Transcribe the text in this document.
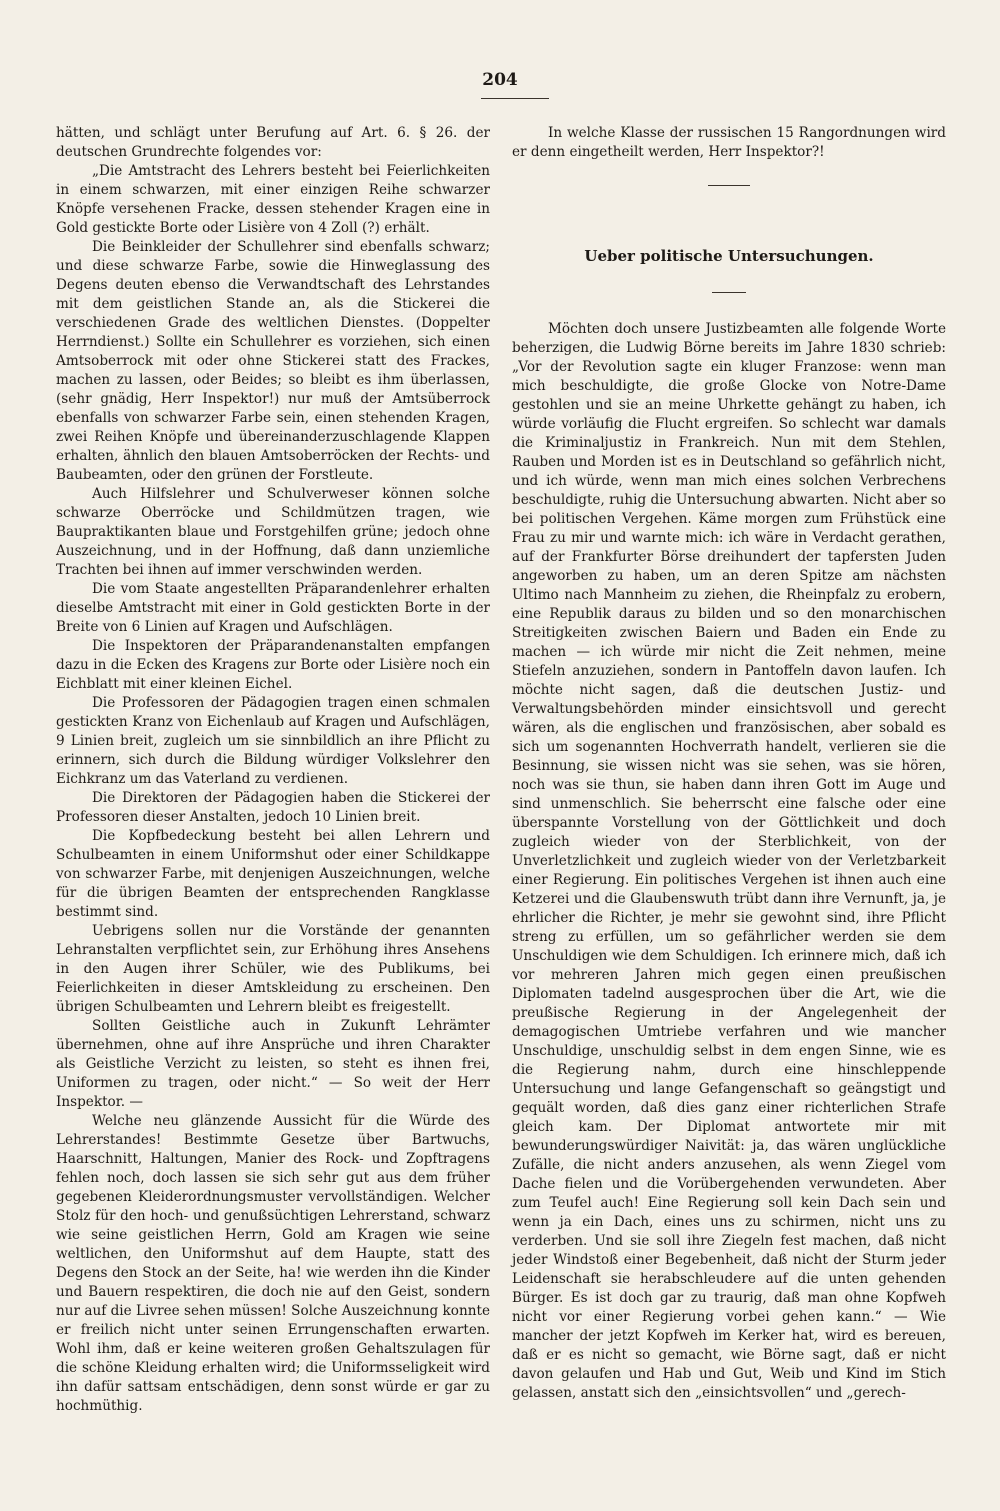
204

hätten, und schlägt unter Berufung auf Art. 6. § 26. der deutschen Grundrechte folgendes vor:

„Die Amtstracht des Lehrers besteht bei Feierlichkeiten in einem schwarzen, mit einer einzigen Reihe schwarzer Knöpfe versehenen Fracke, dessen stehender Kragen eine in Gold gestickte Borte oder Lisière von 4 Zoll (?) erhält.

Die Beinkleider der Schullehrer sind ebenfalls schwarz; und diese schwarze Farbe, sowie die Hinweglassung des Degens deuten ebenso die Verwandtschaft des Lehrstandes mit dem geistlichen Stande an, als die Stickerei die verschiedenen Grade des weltlichen Dienstes. (Doppelter Herrndienst.) Sollte ein Schullehrer es vorziehen, sich einen Amtsoberrock mit oder ohne Stickerei statt des Frackes, machen zu lassen, oder Beides; so bleibt es ihm überlassen, (sehr gnädig, Herr Inspektor!) nur muß der Amtsüberrock ebenfalls von schwarzer Farbe sein, einen stehenden Kragen, zwei Reihen Knöpfe und übereinanderzuschlagende Klappen erhalten, ähnlich den blauen Amtsoberröcken der Rechts- und Baubeamten, oder den grünen der Forstleute.

Auch Hilfslehrer und Schulverweser können solche schwarze Oberröcke und Schildmützen tragen, wie Baupraktikanten blaue und Forstgehilfen grüne; jedoch ohne Auszeichnung, und in der Hoffnung, daß dann unziemliche Trachten bei ihnen auf immer verschwinden werden.

Die vom Staate angestellten Präparandenlehrer erhalten dieselbe Amtstracht mit einer in Gold gestickten Borte in der Breite von 6 Linien auf Kragen und Aufschlägen.

Die Inspektoren der Präparandenanstalten empfangen dazu in die Ecken des Kragens zur Borte oder Lisière noch ein Eichblatt mit einer kleinen Eichel.

Die Professoren der Pädagogien tragen einen schmalen gestickten Kranz von Eichenlaub auf Kragen und Aufschlägen, 9 Linien breit, zugleich um sie sinnbildlich an ihre Pflicht zu erinnern, sich durch die Bildung würdiger Volkslehrer den Eichkranz um das Vaterland zu verdienen.

Die Direktoren der Pädagogien haben die Stickerei der Professoren dieser Anstalten, jedoch 10 Linien breit.

Die Kopfbedeckung besteht bei allen Lehrern und Schulbeamten in einem Uniformshut oder einer Schildkappe von schwarzer Farbe, mit denjenigen Auszeichnungen, welche für die übrigen Beamten der entsprechenden Rangklasse bestimmt sind.

Uebrigens sollen nur die Vorstände der genannten Lehranstalten verpflichtet sein, zur Erhöhung ihres Ansehens in den Augen ihrer Schüler, wie des Publikums, bei Feierlichkeiten in dieser Amtskleidung zu erscheinen. Den übrigen Schulbeamten und Lehrern bleibt es freigestellt.

Sollten Geistliche auch in Zukunft Lehrämter übernehmen, ohne auf ihre Ansprüche und ihren Charakter als Geistliche Verzicht zu leisten, so steht es ihnen frei, Uniformen zu tragen, oder nicht.“ — So weit der Herr Inspektor. —

Welche neu glänzende Aussicht für die Würde des Lehrerstandes! Bestimmte Gesetze über Bartwuchs, Haarschnitt, Haltungen, Manier des Rock- und Zopftragens fehlen noch, doch lassen sie sich sehr gut aus dem früher gegebenen Kleiderordnungsmuster vervollständigen. Welcher Stolz für den hoch- und genußsüchtigen Lehrerstand, schwarz wie seine geistlichen Herrn, Gold am Kragen wie seine weltlichen, den Uniformshut auf dem Haupte, statt des Degens den Stock an der Seite, ha! wie werden ihn die Kinder und Bauern respektiren, die doch nie auf den Geist, sondern nur auf die Livree sehen müssen! Solche Auszeichnung konnte er freilich nicht unter seinen Errungenschaften erwarten. Wohl ihm, daß er keine weiteren großen Gehaltszulagen für die schöne Kleidung erhalten wird; die Uniformsseligkeit wird ihn dafür sattsam entschädigen, denn sonst würde er gar zu hochmüthig.

In welche Klasse der russischen 15 Rangordnungen wird er denn eingetheilt werden, Herr Inspektor?!

Ueber politische Untersuchungen.

Möchten doch unsere Justizbeamten alle folgende Worte beherzigen, die Ludwig Börne bereits im Jahre 1830 schrieb: „Vor der Revolution sagte ein kluger Franzose: wenn man mich beschuldigte, die große Glocke von Notre-Dame gestohlen und sie an meine Uhrkette gehängt zu haben, ich würde vorläufig die Flucht ergreifen. So schlecht war damals die Kriminaljustiz in Frankreich. Nun mit dem Stehlen, Rauben und Morden ist es in Deutschland so gefährlich nicht, und ich würde, wenn man mich eines solchen Verbrechens beschuldigte, ruhig die Untersuchung abwarten. Nicht aber so bei politischen Vergehen. Käme morgen zum Frühstück eine Frau zu mir und warnte mich: ich wäre in Verdacht gerathen, auf der Frankfurter Börse dreihundert der tapfersten Juden angeworben zu haben, um an deren Spitze am nächsten Ultimo nach Mannheim zu ziehen, die Rheinpfalz zu erobern, eine Republik daraus zu bilden und so den monarchischen Streitigkeiten zwischen Baiern und Baden ein Ende zu machen — ich würde mir nicht die Zeit nehmen, meine Stiefeln anzuziehen, sondern in Pantoffeln davon laufen. Ich möchte nicht sagen, daß die deutschen Justiz- und Verwaltungsbehörden minder einsichtsvoll und gerecht wären, als die englischen und französischen, aber sobald es sich um sogenannten Hochverrath handelt, verlieren sie die Besinnung, sie wissen nicht was sie sehen, was sie hören, noch was sie thun, sie haben dann ihren Gott im Auge und sind unmenschlich. Sie beherrscht eine falsche oder eine überspannte Vorstellung von der Göttlichkeit und doch zugleich wieder von der Sterblichkeit, von der Unverletzlichkeit und zugleich wieder von der Verletzbarkeit einer Regierung. Ein politisches Vergehen ist ihnen auch eine Ketzerei und die Glaubenswuth trübt dann ihre Vernunft, ja, je ehrlicher die Richter, je mehr sie gewohnt sind, ihre Pflicht streng zu erfüllen, um so gefährlicher werden sie dem Unschuldigen wie dem Schuldigen. Ich erinnere mich, daß ich vor mehreren Jahren mich gegen einen preußischen Diplomaten tadelnd ausgesprochen über die Art, wie die preußische Regierung in der Angelegenheit der demagogischen Umtriebe verfahren und wie mancher Unschuldige, unschuldig selbst in dem engen Sinne, wie es die Regierung nahm, durch eine hinschleppende Untersuchung und lange Gefangenschaft so geängstigt und gequält worden, daß dies ganz einer richterlichen Strafe gleich kam. Der Diplomat antwortete mir mit bewunderungswürdiger Naivität: ja, das wären unglückliche Zufälle, die nicht anders anzusehen, als wenn Ziegel vom Dache fielen und die Vorübergehenden verwundeten. Aber zum Teufel auch! Eine Regierung soll kein Dach sein und wenn ja ein Dach, eines uns zu schirmen, nicht uns zu verderben. Und sie soll ihre Ziegeln fest machen, daß nicht jeder Windstoß einer Begebenheit, daß nicht der Sturm jeder Leidenschaft sie herabschleudere auf die unten gehenden Bürger. Es ist doch gar zu traurig, daß man ohne Kopfweh nicht vor einer Regierung vorbei gehen kann.“ — Wie mancher der jetzt Kopfweh im Kerker hat, wird es bereuen, daß er es nicht so gemacht, wie Börne sagt, daß er nicht davon gelaufen und Hab und Gut, Weib und Kind im Stich gelassen, anstatt sich den „einsichtsvollen“ und „gerech-
